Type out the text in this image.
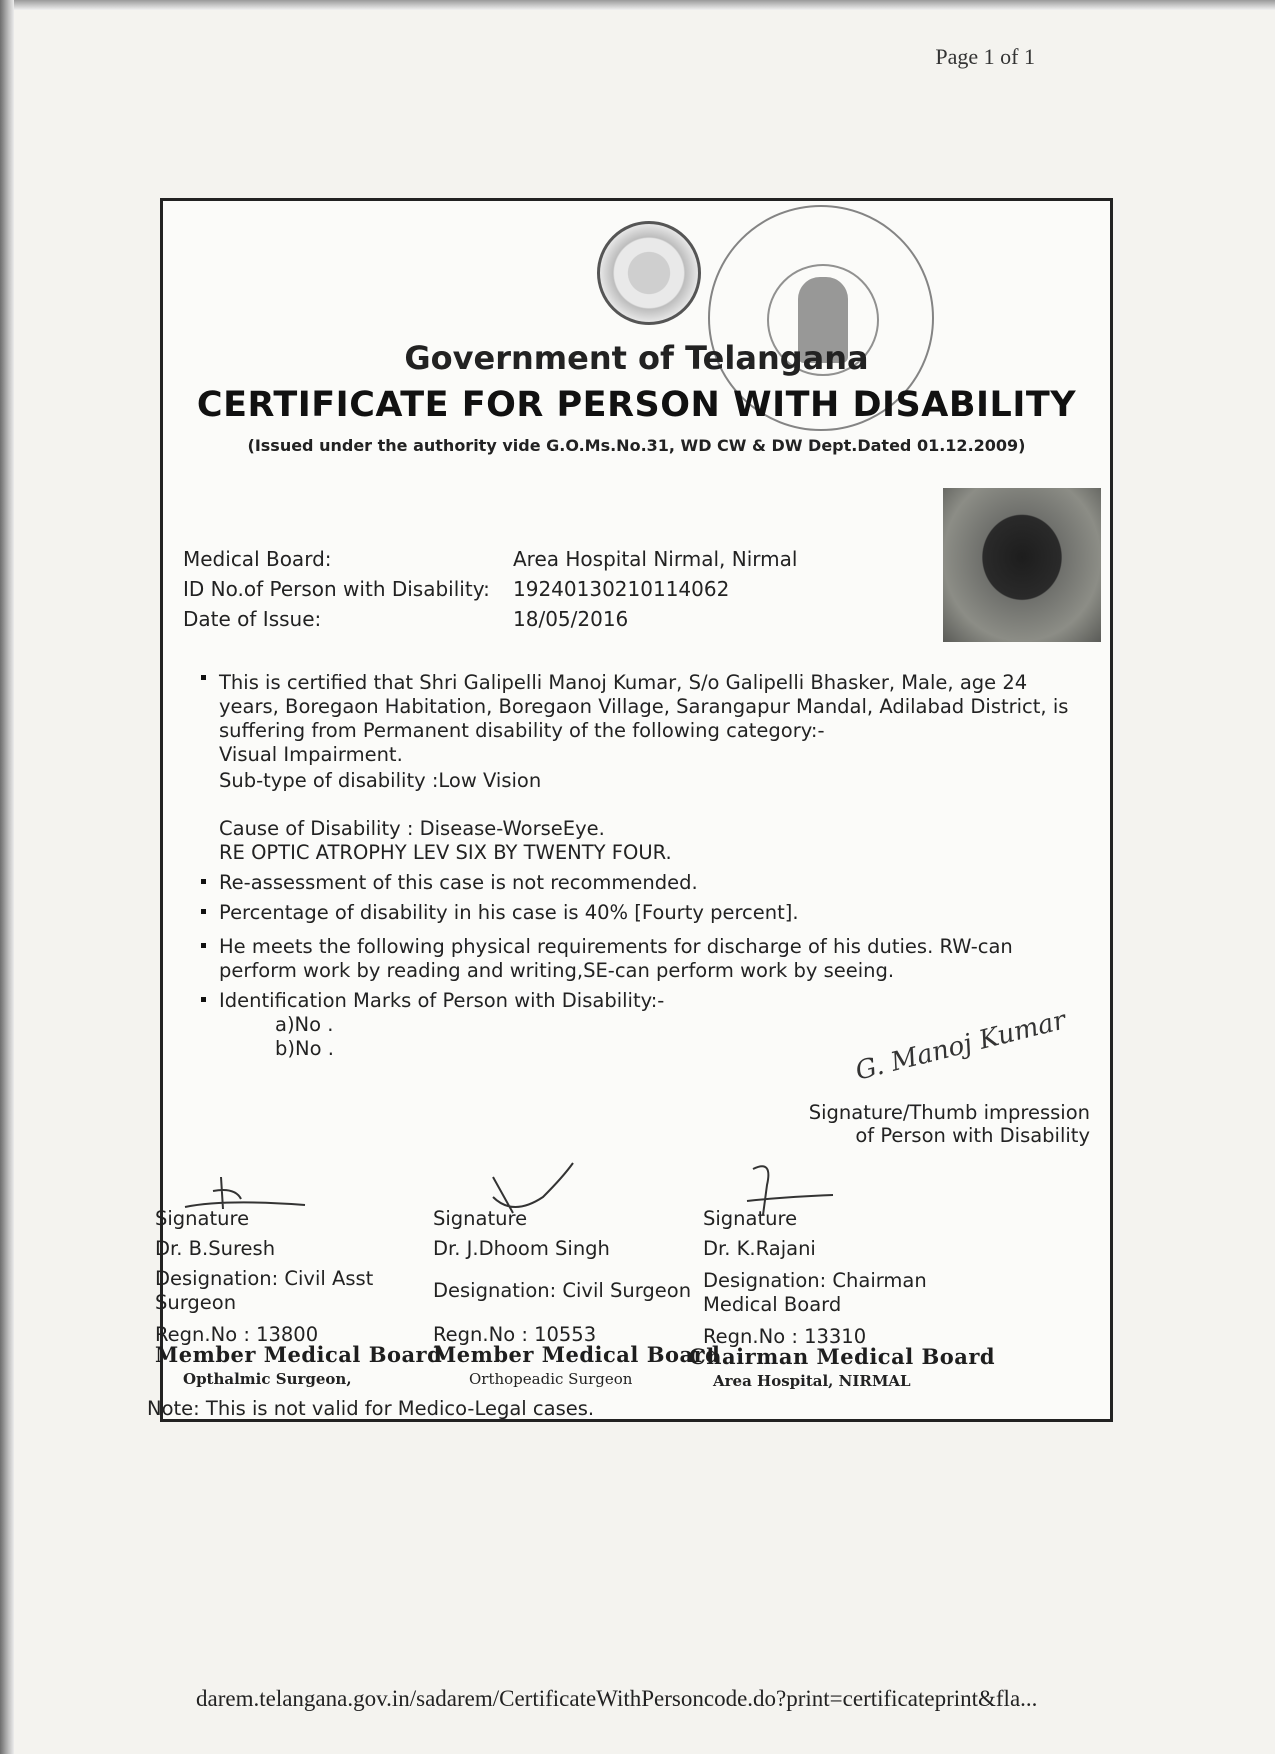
Page 1 of 1
Government of Telangana
CERTIFICATE FOR PERSON WITH DISABILITY
(Issued under the authority vide G.O.Ms.No.31, WD CW & DW Dept.Dated 01.12.2009)
Medical Board:	Area Hospital Nirmal, Nirmal
ID No.of Person with Disability: 19240130210114062
Date of Issue:	18/05/2016
This is certified that Shri Galipelli Manoj Kumar, S/o Galipelli Bhasker, Male, age 24 years, Boregaon Habitation, Boregaon Village, Sarangapur Mandal, Adilabad District, is suffering from Permanent disability of the following category:-
Visual Impairment.
Sub-type of disability :Low Vision
Cause of Disability : Disease-WorseEye.
RE OPTIC ATROPHY LEV SIX BY TWENTY FOUR.
Re-assessment of this case is not recommended.
Percentage of disability in his case is 40% [Fourty percent].
He meets the following physical requirements for discharge of his duties. RW-can perform work by reading and writing,SE-can perform work by seeing.
Identification Marks of Person with Disability:-
a)No .
b)No .	G. Manoj Kumar
Signature/Thumb impression
of Person with Disability
Signature
Dr. B.Suresh
Designation: Civil Asst Surgeon
Regn.No : 13800
Member Medical Board
Opthalmic Surgeon,
Signature
Dr. J.Dhoom Singh
Designation: Civil Surgeon
Regn.No : 10553
Member Medical Board
Orthopeadic Surgeon
Signature
Dr. K.Rajani
Designation: Chairman Medical Board
Regn.No : 13310
Chairman Medical Board
Area Hospital, NIRMAL
Note: This is not valid for Medico-Legal cases.
darem.telangana.gov.in/sadarem/CertificateWithPersoncode.do?print=certificateprint&fla...
